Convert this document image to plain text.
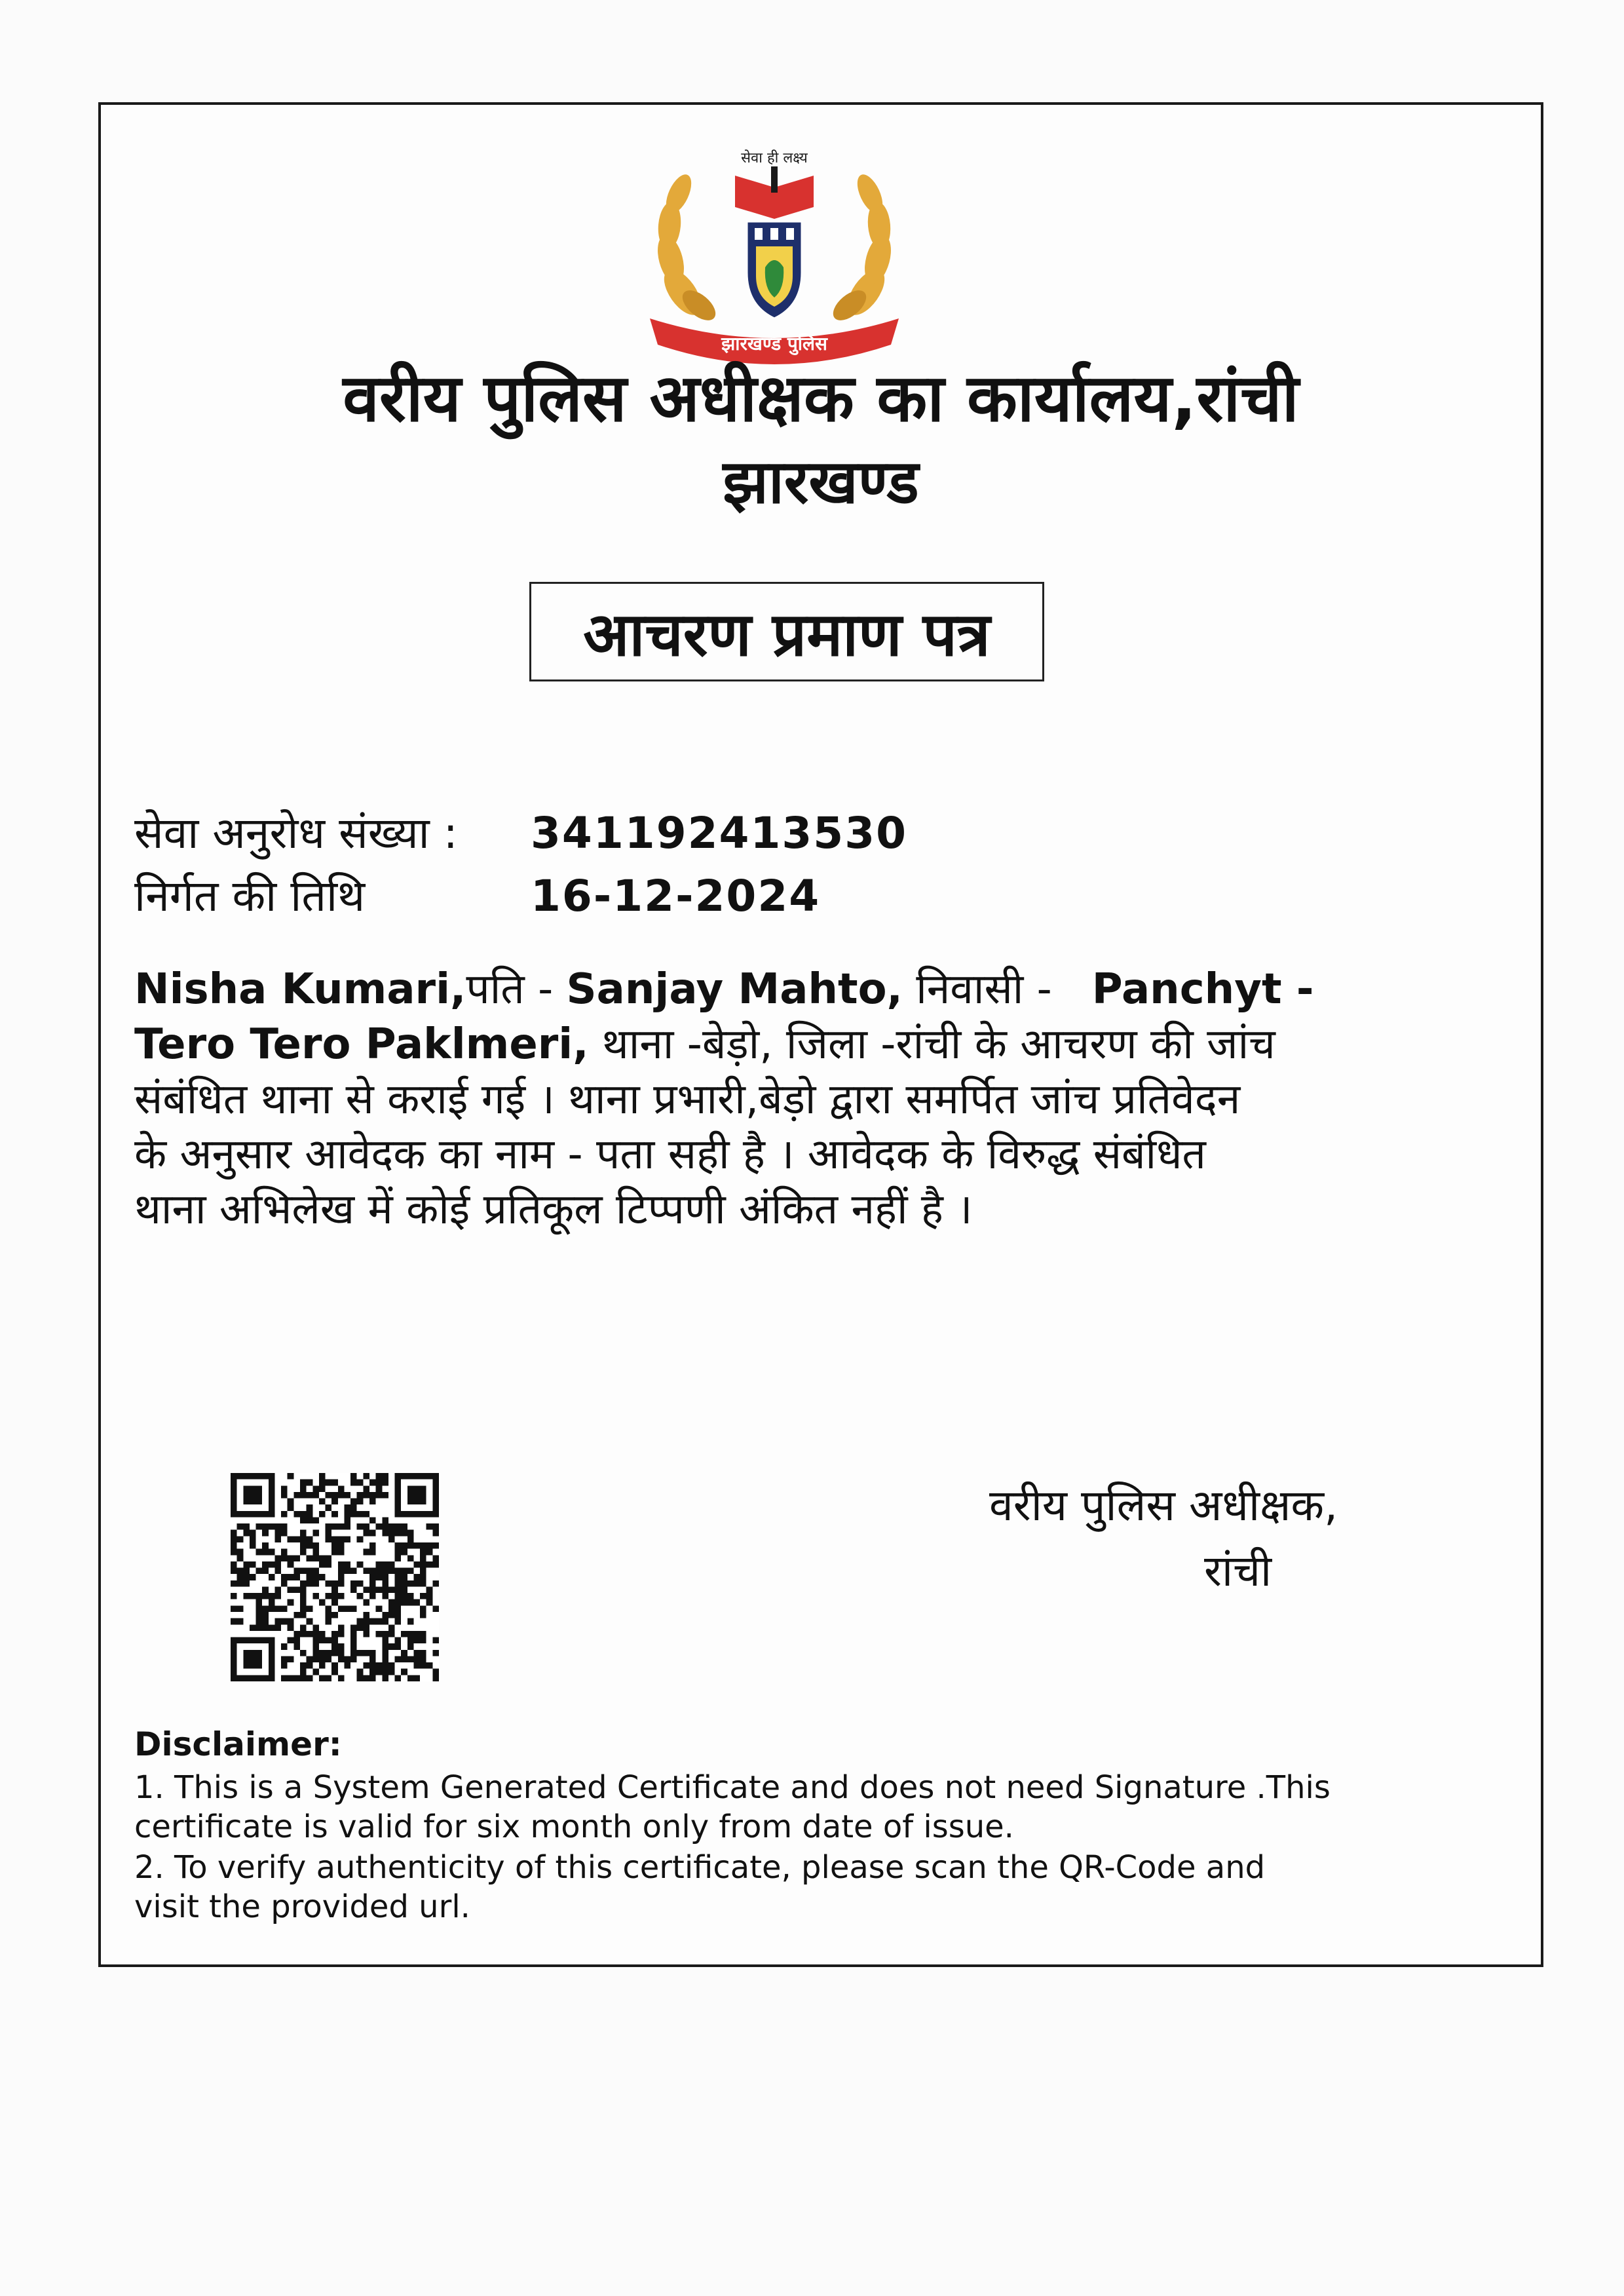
सेवा ही लक्ष्य
झारखण्ड पुलिस
वरीय पुलिस अधीक्षक का कार्यालय,रांची
झारखण्ड
आचरण प्रमाण पत्र
सेवा अनुरोध संख्या : 341192413530
निर्गत की तिथि	16-12-2024
Nisha Kumari,पति - Sanjay Mahto, निवासी - Panchyt -
Tero Tero Paklmeri, थाना -बेड़ो, जिला -रांची के आचरण की जांच
संबंधित थाना से कराई गई । थाना प्रभारी,बेड़ो द्वारा समर्पित जांच प्रतिवेदन
के अनुसार आवेदक का नाम - पता सही है । आवेदक के विरुद्ध संबंधित
थाना अभिलेख में कोई प्रतिकूल टिप्पणी अंकित नहीं है ।
वरीय पुलिस अधीक्षक,
रांची
Disclaimer:
1. This is a System Generated Certificate and does not need Signature .This
certificate is valid for six month only from date of issue.
2. To verify authenticity of this certificate, please scan the QR-Code and
visit the provided url.
